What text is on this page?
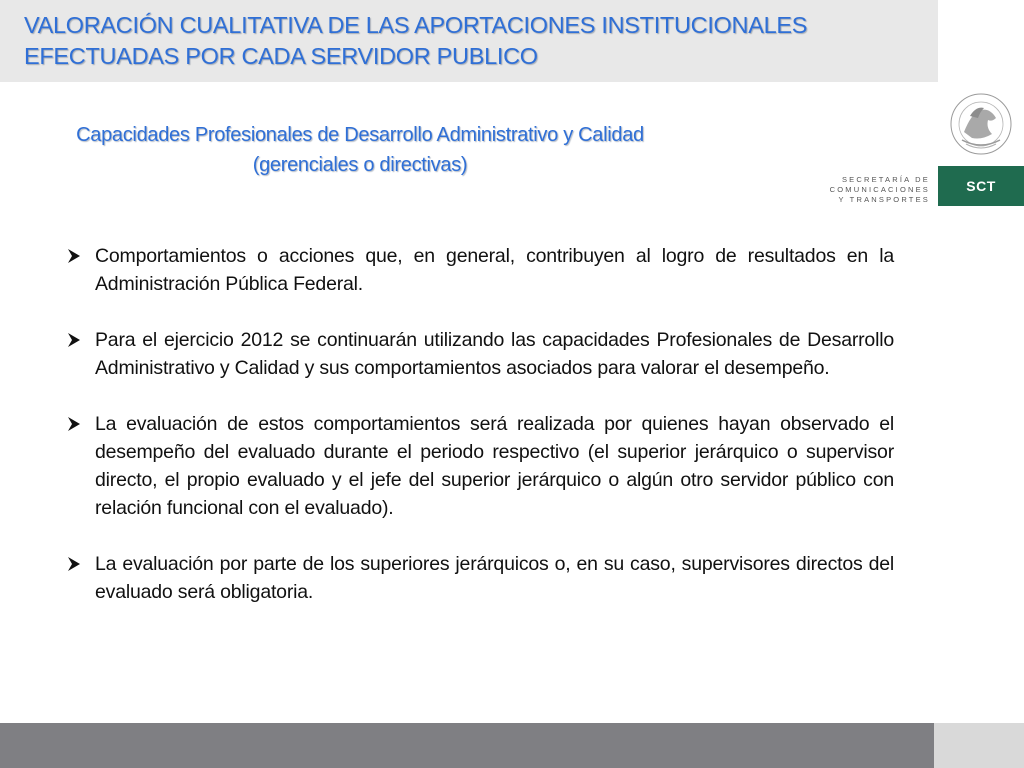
VALORACIÓN CUALITATIVA DE LAS APORTACIONES INSTITUCIONALES
EFECTUADAS POR CADA SERVIDOR PUBLICO
SECRETARÍA DE
COMUNICACIONES
Y TRANSPORTES
SCT
Capacidades Profesionales de Desarrollo Administrativo y Calidad
(gerenciales o directivas)
Comportamientos o acciones que, en general, contribuyen al logro de resultados en la Administración Pública Federal.
Para el ejercicio 2012 se continuarán utilizando las capacidades Profesionales de Desarrollo Administrativo y Calidad y sus comportamientos asociados para valorar el desempeño.
La evaluación de estos comportamientos será realizada por quienes hayan observado el desempeño del evaluado durante el periodo respectivo (el superior jerárquico o supervisor directo, el propio evaluado y el jefe del superior jerárquico o algún otro servidor público con relación funcional con el evaluado).
La evaluación por parte de los superiores jerárquicos o, en su caso, supervisores directos del evaluado será obligatoria.
